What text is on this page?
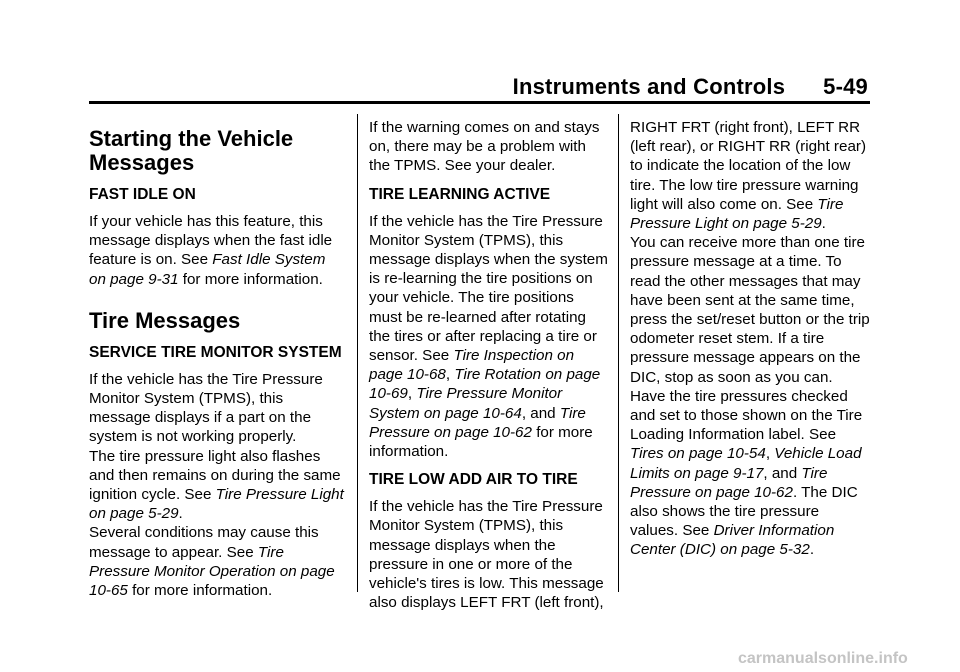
Instruments and Controls 5-49
Starting the Vehicle Messages
FAST IDLE ON

If your vehicle has this feature, this message displays when the fast idle feature is on. See Fast Idle System on page 9-31 for more information.

Tire Messages
SERVICE TIRE MONITOR SYSTEM

If the vehicle has the Tire Pressure Monitor System (TPMS), this message displays if a part on the system is not working properly.

The tire pressure light also flashes and then remains on during the same ignition cycle. See Tire Pressure Light on page 5-29.

Several conditions may cause this message to appear. See Tire Pressure Monitor Operation on page 10-65 for more information.

If the warning comes on and stays on, there may be a problem with the TPMS. See your dealer.

TIRE LEARNING ACTIVE

If the vehicle has the Tire Pressure Monitor System (TPMS), this message displays when the system is re-learning the tire positions on your vehicle. The tire positions must be re-learned after rotating the tires or after replacing a tire or sensor. See Tire Inspection on page 10-68, Tire Rotation on page 10-69, Tire Pressure Monitor System on page 10-64, and Tire Pressure on page 10-62 for more information.

TIRE LOW ADD AIR TO TIRE

If the vehicle has the Tire Pressure Monitor System (TPMS), this message displays when the pressure in one or more of the vehicle's tires is low. This message also displays LEFT FRT (left front),

RIGHT FRT (right front), LEFT RR (left rear), or RIGHT RR (right rear) to indicate the location of the low tire. The low tire pressure warning light will also come on. See Tire Pressure Light on page 5-29.

You can receive more than one tire pressure message at a time. To read the other messages that may have been sent at the same time, press the set/reset button or the trip odometer reset stem. If a tire pressure message appears on the DIC, stop as soon as you can.

Have the tire pressures checked and set to those shown on the Tire Loading Information label. See Tires on page 10-54, Vehicle Load Limits on page 9-17, and Tire Pressure on page 10-62. The DIC also shows the tire pressure values. See Driver Information Center (DIC) on page 5-32.

carmanualsonline.info
